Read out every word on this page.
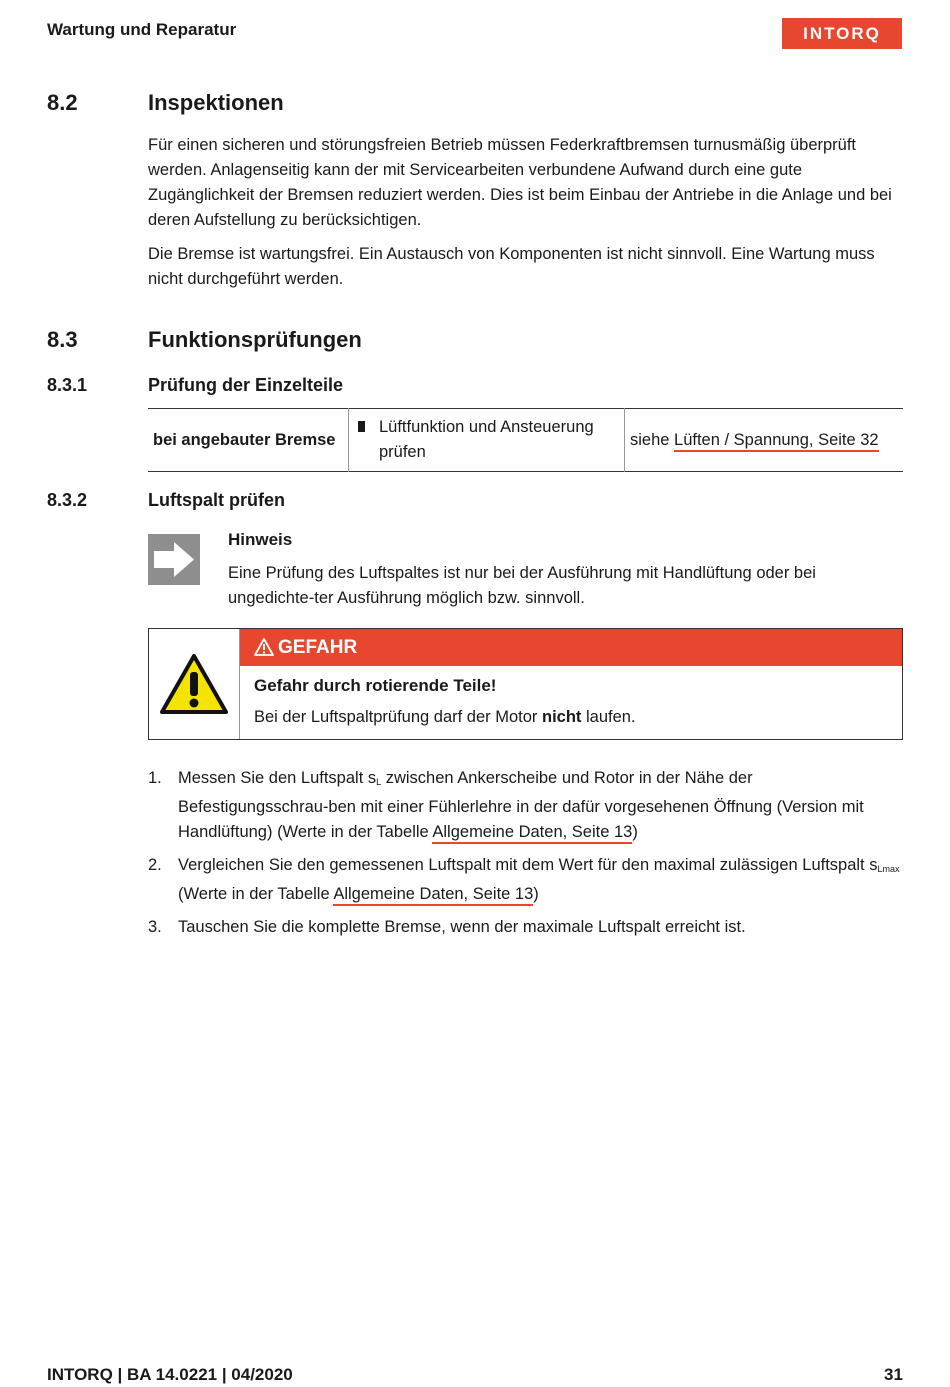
Wartung und Reparatur	INTORQ
8.2	Inspektionen

Für einen sicheren und störungsfreien Betrieb müssen Federkraftbremsen turnusmäßig überprüft werden. Anlagenseitig kann der mit Servicearbeiten verbundene Aufwand durch eine gute Zugänglichkeit der Bremsen reduziert werden. Dies ist beim Einbau der Antriebe in die Anlage und bei deren Aufstellung zu berücksichtigen.

Die Bremse ist wartungsfrei. Ein Austausch von Komponenten ist nicht sinnvoll. Eine Wartung muss nicht durchgeführt werden.

8.3	Funktionsprüfungen
8.3.1	Prüfung der Einzelteile
bei angebauter Bremse	Lüftfunktion und Ansteuerung prüfen	siehe Lüften / Spannung, Seite 32
8.3.2	Luftspalt prüfen
Hinweis
Eine Prüfung des Luftspaltes ist nur bei der Ausführung mit Handlüftung oder bei ungedichte-ter Ausführung möglich bzw. sinnvoll.
GEFAHR
Gefahr durch rotierende Teile!
Bei der Luftspaltprüfung darf der Motor nicht laufen.
1. Messen Sie den Luftspalt $s_L$ zwischen Ankerscheibe und Rotor in der Nähe der Befestigungsschrau-ben mit einer Fühlerlehre in der dafür vorgesehenen Öffnung (Version mit Handlüftung) (Werte in der Tabelle Allgemeine Daten, Seite 13)
2. Vergleichen Sie den gemessenen Luftspalt mit dem Wert für den maximal zulässigen Luftspalt $s_{Lmax}$ (Werte in der Tabelle Allgemeine Daten, Seite 13)
3. Tauschen Sie die komplette Bremse, wenn der maximale Luftspalt erreicht ist.
INTORQ | BA 14.0221 | 04/2020	31
